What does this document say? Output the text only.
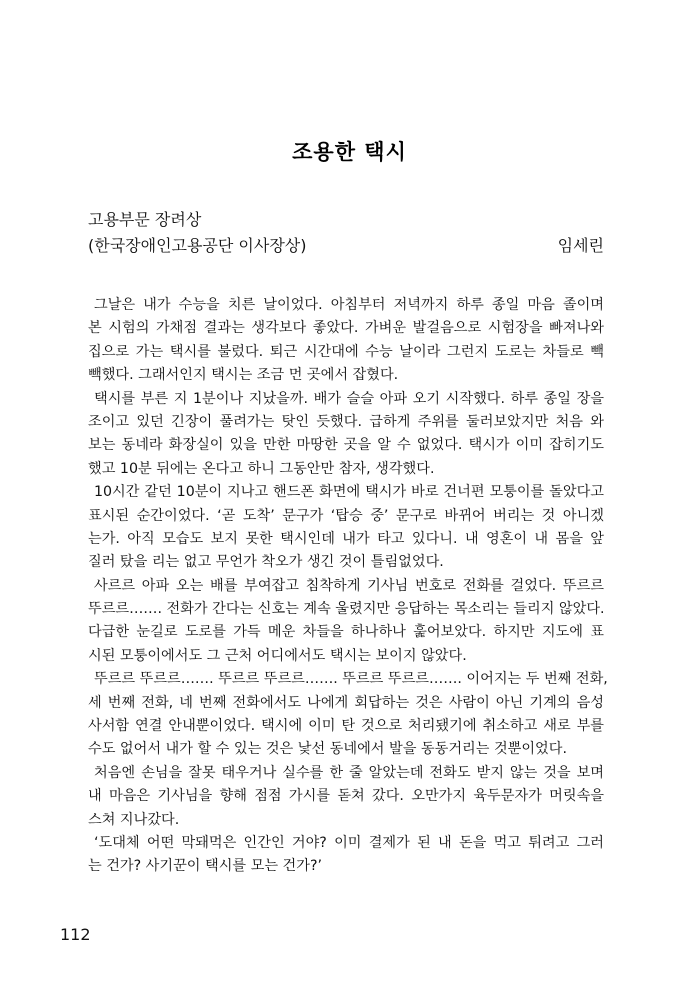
조용한 택시
고용부문 장려상
(한국장애인고용공단 이사장상)	임세린
그날은 내가 수능을 치른 날이었다. 아침부터 저녁까지 하루 종일 마음 졸이며
본 시험의 가채점 결과는 생각보다 좋았다. 가벼운 발걸음으로 시험장을 빠져나와
집으로 가는 택시를 불렀다. 퇴근 시간대에 수능 날이라 그런지 도로는 차들로 빽
빽했다. 그래서인지 택시는 조금 먼 곳에서 잡혔다.
택시를 부른 지 1분이나 지났을까. 배가 슬슬 아파 오기 시작했다. 하루 종일 장을
조이고 있던 긴장이 풀려가는 탓인 듯했다. 급하게 주위를 둘러보았지만 처음 와
보는 동네라 화장실이 있을 만한 마땅한 곳을 알 수 없었다. 택시가 이미 잡히기도
했고 10분 뒤에는 온다고 하니 그동안만 참자, 생각했다.
10시간 같던 10분이 지나고 핸드폰 화면에 택시가 바로 건너편 모퉁이를 돌았다고
표시된 순간이었다. ‘곧 도착’ 문구가 ‘탑승 중’ 문구로 바뀌어 버리는 것 아니겠
는가. 아직 모습도 보지 못한 택시인데 내가 타고 있다니. 내 영혼이 내 몸을 앞
질러 탔을 리는 없고 무언가 착오가 생긴 것이 틀림없었다.
사르르 아파 오는 배를 부여잡고 침착하게 기사님 번호로 전화를 걸었다. 뚜르르
뚜르르……. 전화가 간다는 신호는 계속 울렸지만 응답하는 목소리는 들리지 않았다.
다급한 눈길로 도로를 가득 메운 차들을 하나하나 훑어보았다. 하지만 지도에 표
시된 모퉁이에서도 그 근처 어디에서도 택시는 보이지 않았다.
뚜르르 뚜르르……. 뚜르르 뚜르르……. 뚜르르 뚜르르……. 이어지는 두 번째 전화,
세 번째 전화, 네 번째 전화에서도 나에게 회답하는 것은 사람이 아닌 기계의 음성
사서함 연결 안내뿐이었다. 택시에 이미 탄 것으로 처리됐기에 취소하고 새로 부를
수도 없어서 내가 할 수 있는 것은 낯선 동네에서 발을 동동거리는 것뿐이었다.
처음엔 손님을 잘못 태우거나 실수를 한 줄 알았는데 전화도 받지 않는 것을 보며
내 마음은 기사님을 향해 점점 가시를 돋쳐 갔다. 오만가지 육두문자가 머릿속을
스쳐 지나갔다.
‘도대체 어떤 막돼먹은 인간인 거야? 이미 결제가 된 내 돈을 먹고 튀려고 그러
는 건가? 사기꾼이 택시를 모는 건가?’
112
